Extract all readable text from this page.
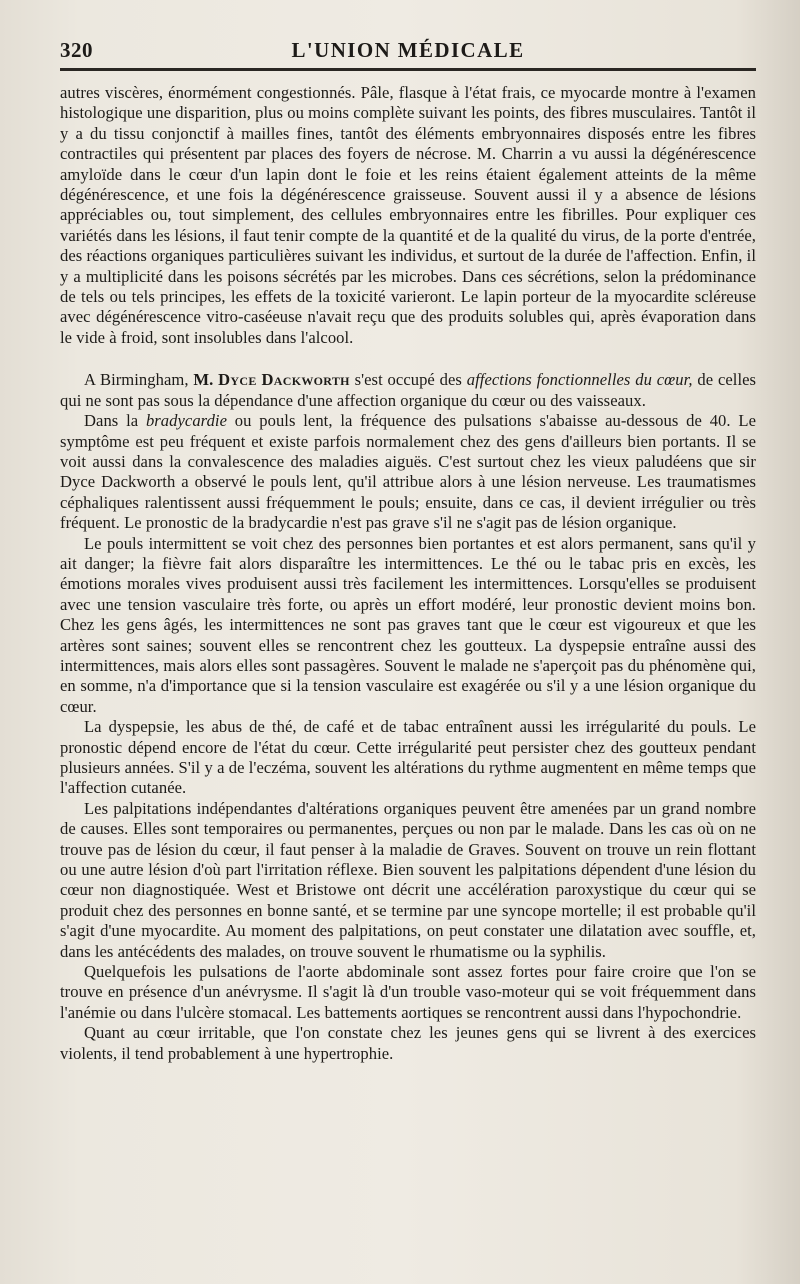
320	L'UNION MÉDICALE

autres viscères, énormément congestionnés. Pâle, flasque à l'état frais, ce myocarde montre à l'examen histologique une disparition, plus ou moins complète suivant les points, des fibres musculaires. Tantôt il y a du tissu conjonctif à mailles fines, tantôt des éléments embryonnaires disposés entre les fibres contractiles qui présentent par places des foyers de nécrose. M. Charrin a vu aussi la dégénérescence amyloïde dans le cœur d'un lapin dont le foie et les reins étaient également atteints de la même dégénérescence, et une fois la dégénérescence graisseuse. Souvent aussi il y a absence de lésions appréciables ou, tout simplement, des cellules embryonnaires entre les fibrilles. Pour expliquer ces variétés dans les lésions, il faut tenir compte de la quantité et de la qualité du virus, de la porte d'entrée, des réactions organiques particulières suivant les individus, et surtout de la durée de l'affection. Enfin, il y a multiplicité dans les poisons sécrétés par les microbes. Dans ces sécrétions, selon la prédominance de tels ou tels principes, les effets de la toxicité varieront. Le lapin porteur de la myocardite scléreuse avec dégénérescence vitro-caséeuse n'avait reçu que des produits solubles qui, après évaporation dans le vide à froid, sont insolubles dans l'alcool.

A Birmingham, M. Dyce Dackworth s'est occupé des affections fonctionnelles du cœur, de celles qui ne sont pas sous la dépendance d'une affection organique du cœur ou des vaisseaux.

Dans la bradycardie ou pouls lent, la fréquence des pulsations s'abaisse au-dessous de 40. Le symptôme est peu fréquent et existe parfois normalement chez des gens d'ailleurs bien portants. Il se voit aussi dans la convalescence des maladies aiguës. C'est surtout chez les vieux paludéens que sir Dyce Dackworth a observé le pouls lent, qu'il attribue alors à une lésion nerveuse. Les traumatismes céphaliques ralentissent aussi fréquemment le pouls; ensuite, dans ce cas, il devient irrégulier ou très fréquent. Le pronostic de la bradycardie n'est pas grave s'il ne s'agit pas de lésion organique.

Le pouls intermittent se voit chez des personnes bien portantes et est alors permanent, sans qu'il y ait danger; la fièvre fait alors disparaître les intermittences. Le thé ou le tabac pris en excès, les émotions morales vives produisent aussi très facilement les intermittences. Lorsqu'elles se produisent avec une tension vasculaire très forte, ou après un effort modéré, leur pronostic devient moins bon. Chez les gens âgés, les intermittences ne sont pas graves tant que le cœur est vigoureux et que les artères sont saines; souvent elles se rencontrent chez les goutteux. La dyspepsie entraîne aussi des intermittences, mais alors elles sont passagères. Souvent le malade ne s'aperçoit pas du phénomène qui, en somme, n'a d'importance que si la tension vasculaire est exagérée ou s'il y a une lésion organique du cœur.

La dyspepsie, les abus de thé, de café et de tabac entraînent aussi les irrégularité du pouls. Le pronostic dépend encore de l'état du cœur. Cette irrégularité peut persister chez des goutteux pendant plusieurs années. S'il y a de l'eczéma, souvent les altérations du rythme augmentent en même temps que l'affection cutanée.

Les palpitations indépendantes d'altérations organiques peuvent être amenées par un grand nombre de causes. Elles sont temporaires ou permanentes, perçues ou non par le malade. Dans les cas où on ne trouve pas de lésion du cœur, il faut penser à la maladie de Graves. Souvent on trouve un rein flottant ou une autre lésion d'où part l'irritation réflexe. Bien souvent les palpitations dépendent d'une lésion du cœur non diagnostiquée. West et Bristowe ont décrit une accélération paroxystique du cœur qui se produit chez des personnes en bonne santé, et se termine par une syncope mortelle; il est probable qu'il s'agit d'une myocardite. Au moment des palpitations, on peut constater une dilatation avec souffle, et, dans les antécédents des malades, on trouve souvent le rhumatisme ou la syphilis.

Quelquefois les pulsations de l'aorte abdominale sont assez fortes pour faire croire que l'on se trouve en présence d'un anévrysme. Il s'agit là d'un trouble vaso-moteur qui se voit fréquemment dans l'anémie ou dans l'ulcère stomacal. Les battements aortiques se rencontrent aussi dans l'hypochondrie.

Quant au cœur irritable, que l'on constate chez les jeunes gens qui se livrent à des exercices violents, il tend probablement à une hypertrophie.
